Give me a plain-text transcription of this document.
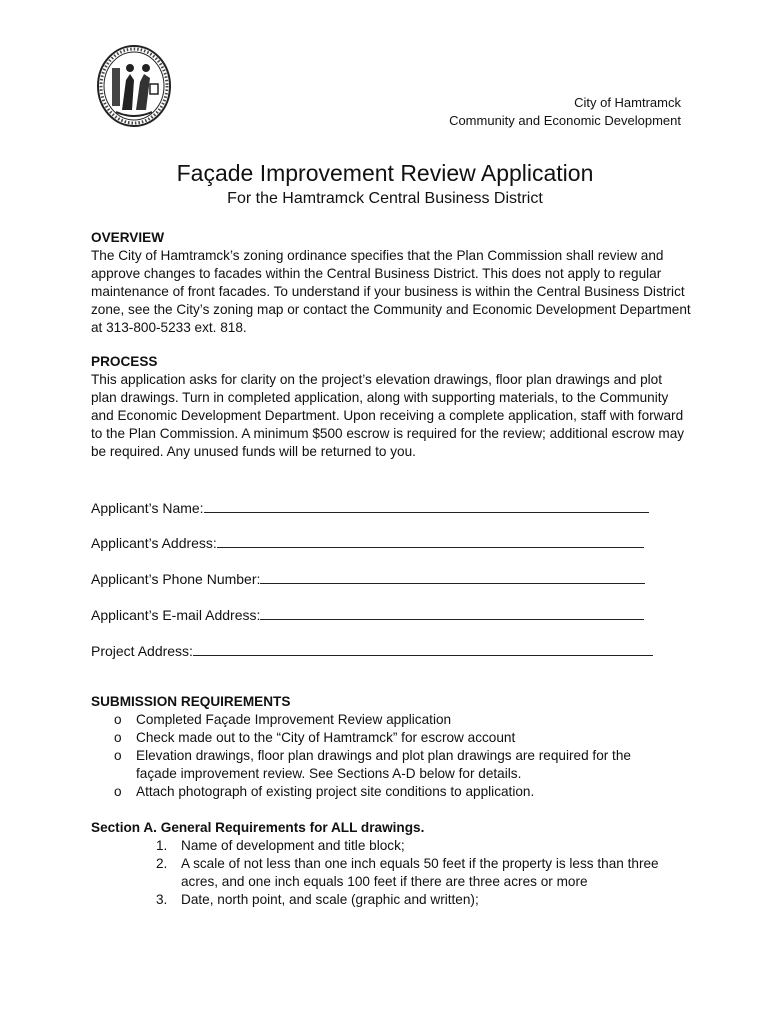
City of Hamtramck
Community and Economic Development
Façade Improvement Review Application
For the Hamtramck Central Business District
OVERVIEW
The City of Hamtramck’s zoning ordinance specifies that the Plan Commission shall review and approve changes to facades within the Central Business District. This does not apply to regular maintenance of front facades. To understand if your business is within the Central Business District zone, see the City’s zoning map or contact the Community and Economic Development Department at 313-800-5233 ext. 818.
PROCESS
This application asks for clarity on the project’s elevation drawings, floor plan drawings and plot plan drawings. Turn in completed application, along with supporting materials, to the Community and Economic Development Department. Upon receiving a complete application, staff with forward to the Plan Commission. A minimum $500 escrow is required for the review; additional escrow may be required. Any unused funds will be returned to you.
Applicant’s Name:
Applicant’s Address:
Applicant’s Phone Number:
Applicant’s E-mail Address:
Project Address:
SUBMISSION REQUIREMENTS
o Completed Façade Improvement Review application
o Check made out to the “City of Hamtramck” for escrow account
o Elevation drawings, floor plan drawings and plot plan drawings are required for the façade improvement review. See Sections A-D below for details.
o Attach photograph of existing project site conditions to application.
Section A. General Requirements for ALL drawings.
1. Name of development and title block;
2. A scale of not less than one inch equals 50 feet if the property is less than three acres, and one inch equals 100 feet if there are three acres or more
3. Date, north point, and scale (graphic and written);
